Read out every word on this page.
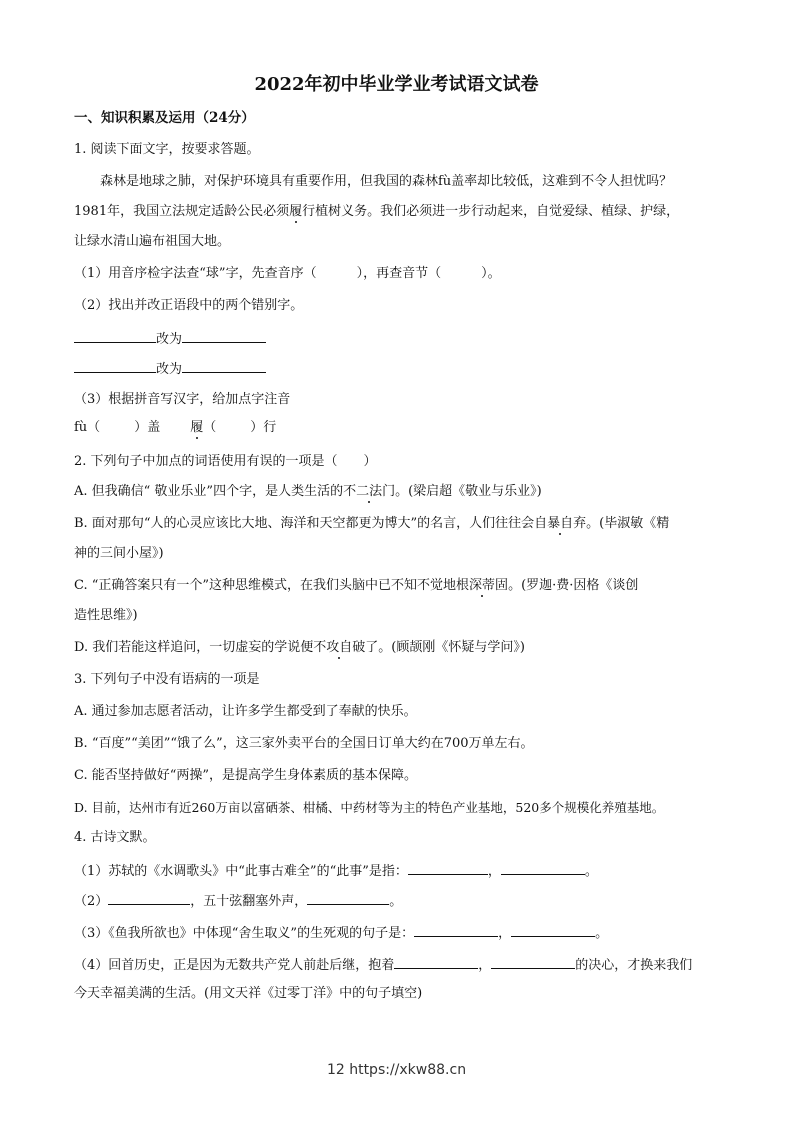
2022年初中毕业学业考试语文试卷
一、知识积累及运用（24分）
1. 阅读下面文字，按要求答题。
森林是地球之肺，对保护环境具有重要作用，但我国的森林fù盖率却比较低，这难到不令人担忧吗？
1981年，我国立法规定适龄公民必须履行植树义务。我们必须进一步行动起来，自觉爱绿、植绿、护绿，
让绿水清山遍布祖国大地。
（1）用音序检字法查“球”字，先查音序（	），再查音节（	）。
（2）找出并改正语段中的两个错别字。
改为
改为
（3）根据拼音写汉字，给加点字注音
fù（	）盖 履（	）行
2. 下列句子中加点的词语使用有误的一项是（　　）
A. 但我确信“ 敬业乐业”四个字，是人类生活的不二法门。(梁启超《敬业与乐业》)
B. 面对那句“人的心灵应该比大地、海洋和天空都更为博大”的名言，人们往往会自暴自弃。(毕淑敏《精
神的三间小屋》)
C. “正确答案只有一个”这种思维模式，在我们头脑中已不知不觉地根深蒂固。(罗迦·费·因格《谈创
造性思维》)
D. 我们若能这样追问，一切虚妄的学说便不攻自破了。(顾颉刚《怀疑与学问》)
3. 下列句子中没有语病的一项是
A. 通过参加志愿者活动，让许多学生都受到了奉献的快乐。
B. “百度”“美团”“饿了么”，这三家外卖平台的全国日订单大约在700万单左右。
C. 能否坚持做好“两操”，是提高学生身体素质的基本保障。
D. 目前，达州市有近260万亩以富硒茶、柑橘、中药材等为主的特色产业基地，520多个规模化养殖基地。
4. 古诗文默。
（1）苏轼的《水调歌头》中“此事古难全”的“此事”是指：	，	。
（2）	，五十弦翻塞外声，	。
（3）《鱼我所欲也》中体现“舍生取义”的生死观的句子是：	，	。
（4）回首历史，正是因为无数共产党人前赴后继，抱着	，	的决心，才换来我们
今天幸福美满的生活。(用文天祥《过零丁洋》中的句子填空)
12 https://xkw88.cn
